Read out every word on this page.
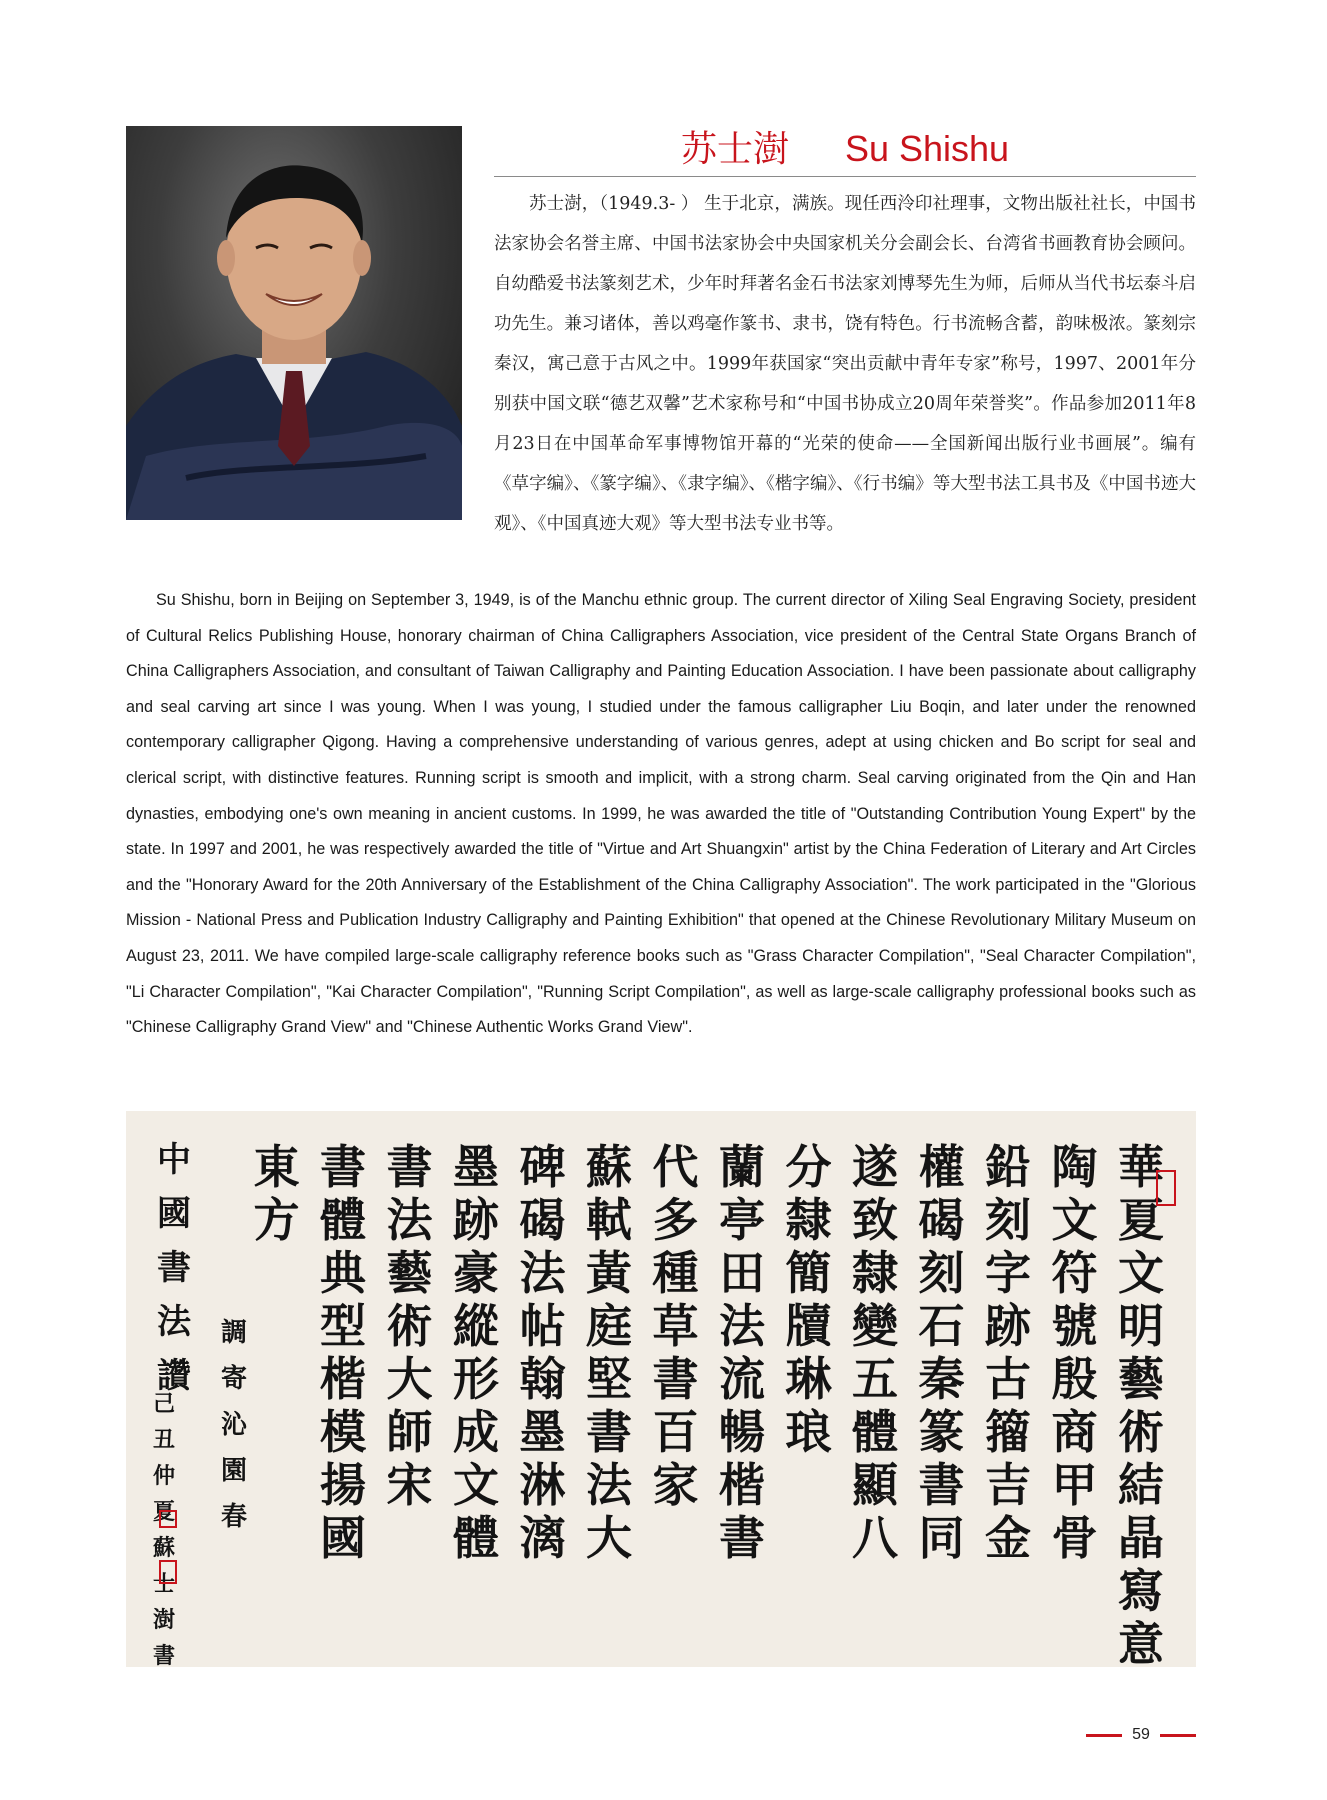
苏士澍 Su Shishu
苏士澍，（1949.3- ） 生于北京，满族。现任西泠印社理事，文物出版社社长，中国书法家协会名誉主席、中国书法家协会中央国家机关分会副会长、台湾省书画教育协会顾问。自幼酷爱书法篆刻艺术，少年时拜著名金石书法家刘博琴先生为师，后师从当代书坛泰斗启功先生。兼习诸体，善以鸡毫作篆书、隶书，饶有特色。行书流畅含蓄，韵味极浓。篆刻宗秦汉，寓己意于古风之中。1999年获国家“突出贡献中青年专家”称号，1997、2001年分别获中国文联“德艺双馨”艺术家称号和“中国书协成立20周年荣誉奖”。作品参加2011年8月23日在中国革命军事博物馆开幕的“光荣的使命——全国新闻出版行业书画展”。编有《草字编》、《篆字编》、《隶字编》、《楷字编》、《行书编》等大型书法工具书及《中国书迹大观》、《中国真迹大观》等大型书法专业书等。
Su Shishu, born in Beijing on September 3, 1949, is of the Manchu ethnic group. The current director of Xiling Seal Engraving Society, president of Cultural Relics Publishing House, honorary chairman of China Calligraphers Association, vice president of the Central State Organs Branch of China Calligraphers Association, and consultant of Taiwan Calligraphy and Painting Education Association. I have been passionate about calligraphy and seal carving art since I was young. When I was young, I studied under the famous calligrapher Liu Boqin, and later under the renowned contemporary calligrapher Qigong. Having a comprehensive understanding of various genres, adept at using chicken and Bo script for seal and clerical script, with distinctive features. Running script is smooth and implicit, with a strong charm. Seal carving originated from the Qin and Han dynasties, embodying one's own meaning in ancient customs. In 1999, he was awarded the title of "Outstanding Contribution Young Expert" by the state. In 1997 and 2001, he was respectively awarded the title of "Virtue and Art Shuangxin" artist by the China Federation of Literary and Art Circles and the "Honorary Award for the 20th Anniversary of the Establishment of the China Calligraphy Association". The work participated in the "Glorious Mission - National Press and Publication Industry Calligraphy and Painting Exhibition" that opened at the Chinese Revolutionary Military Museum on August 23, 2011. We have compiled large-scale calligraphy reference books such as "Grass Character Compilation", "Seal Character Compilation", "Li Character Compilation", "Kai Character Compilation", "Running Script Compilation", as well as large-scale calligraphy professional books such as "Chinese Calligraphy Grand View" and "Chinese Authentic Works Grand View".
華
夏
文
明
藝
術
結
晶
寫
意
陶
文
符
號
殷
商
甲
骨
鉛
刻
字
跡
古
籀
吉
金
權
碣
刻
石
秦
篆
書
同
遂
致
隸
變
五
體
顯
八
分
隸
簡
牘
琳
琅
蘭
亭
田
法
流
暢
楷
書
代
多
種
草
書
百
家
蘇
軾
黃
庭
堅
書
法
大
碑
碣
法
帖
翰
墨
淋
漓
墨
跡
豪
縱
形
成
文
體
書
法
藝
術
大
師
宋
書
體
典
型
楷
模
揚
國
東
方
中
國
書
法
讚
調
寄
沁
園
春
己
丑
仲
夏
蘇
士
澍
書
59
